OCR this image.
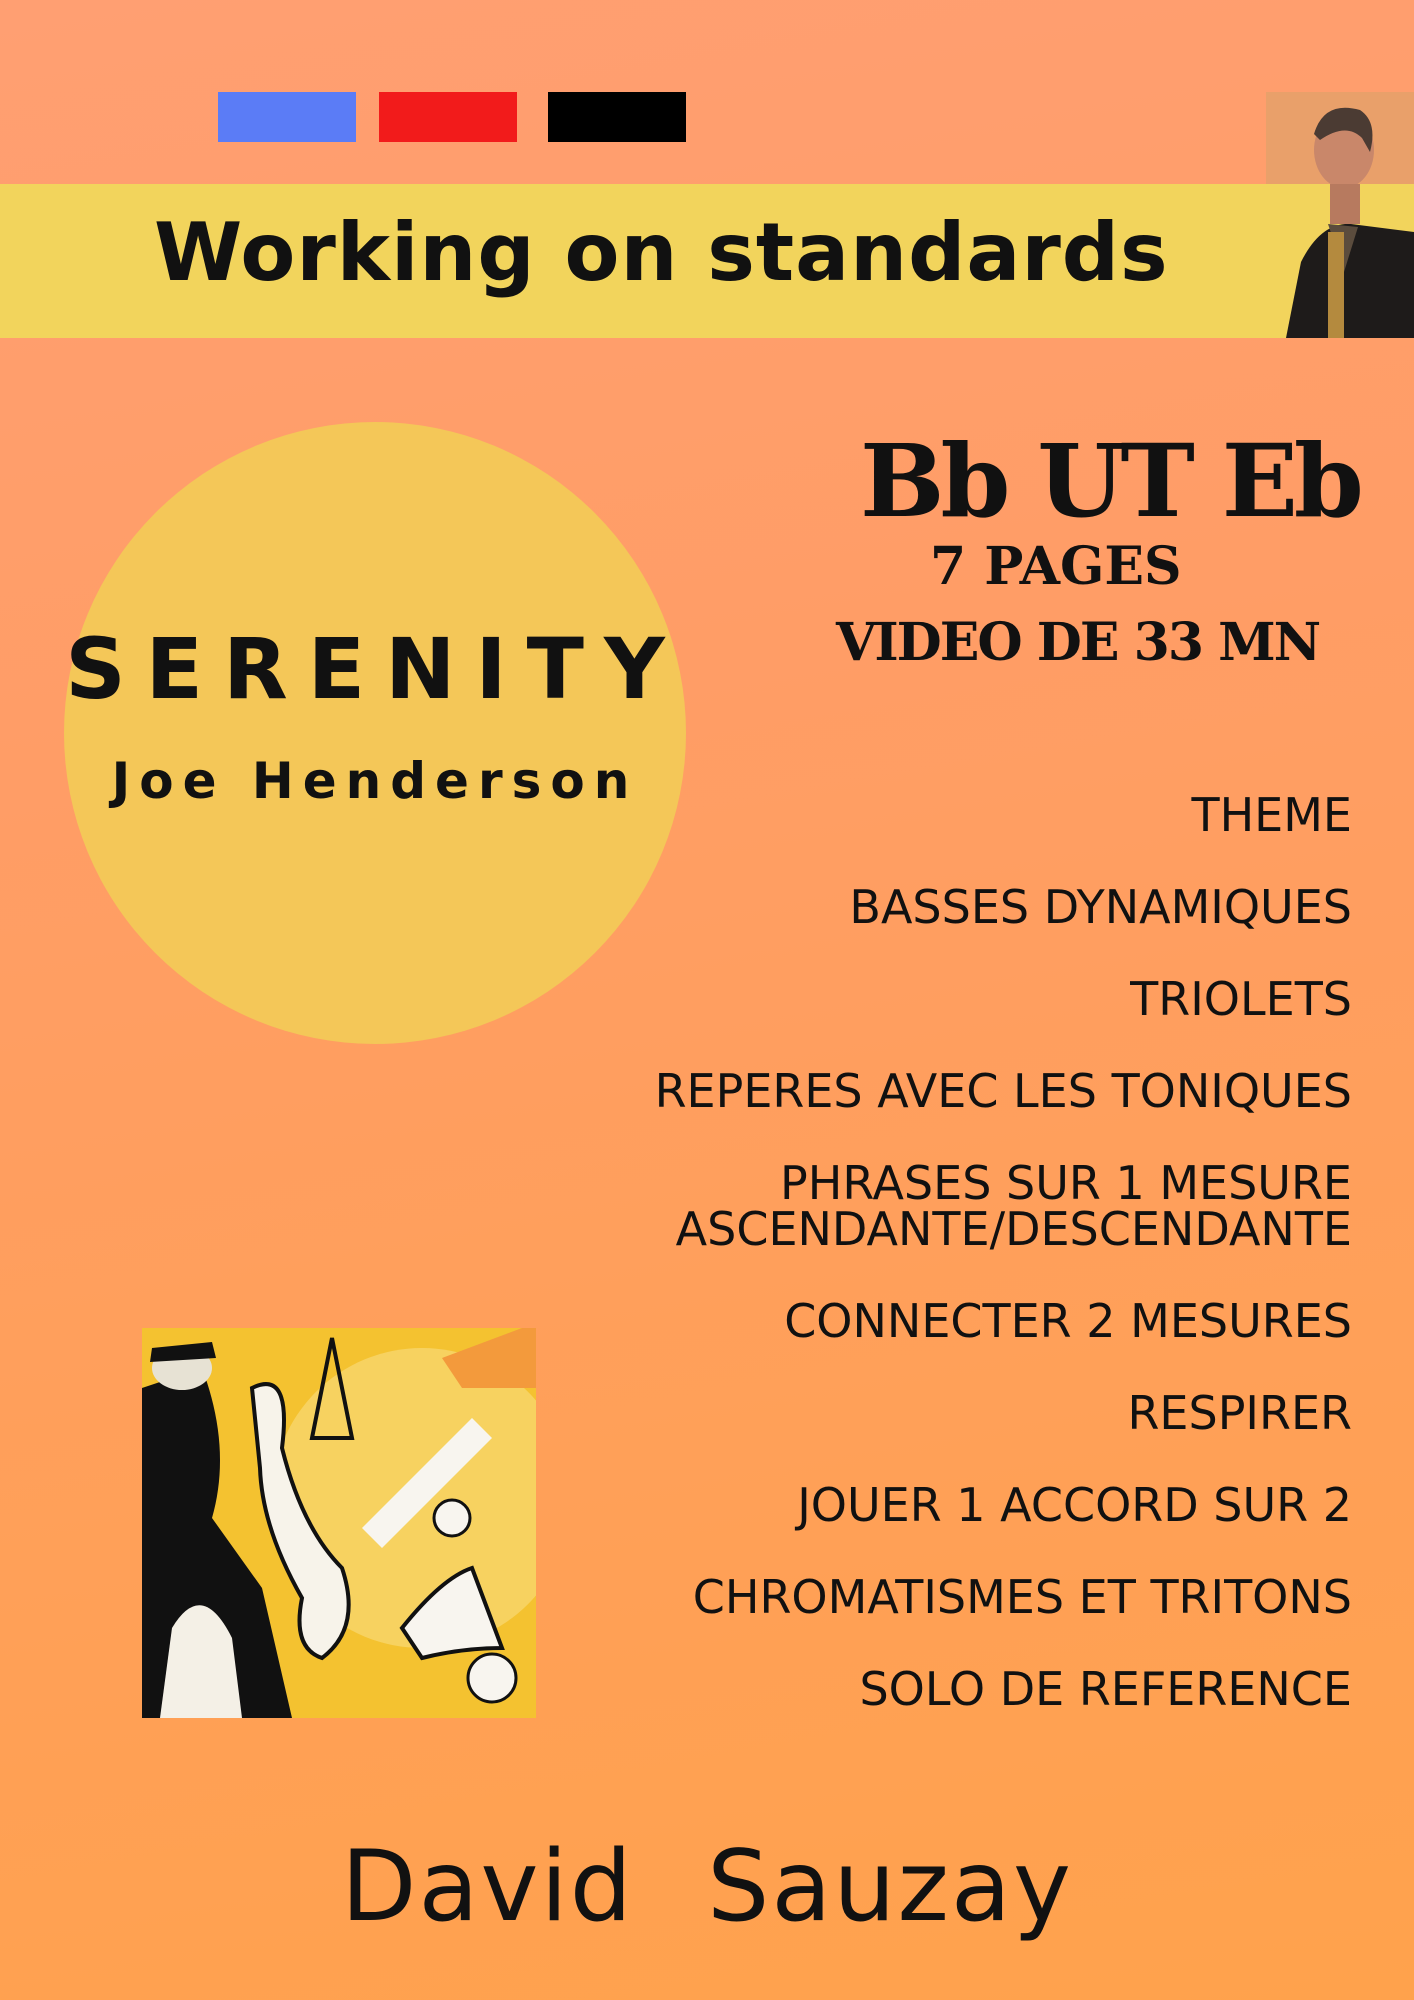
Working on standards
SERENITY
Joe Henderson
Bb UT Eb
7 PAGES
VIDEO DE 33 MN
THEME
BASSES DYNAMIQUES
TRIOLETS
REPERES AVEC LES TONIQUES
PHRASES SUR 1 MESURE
ASCENDANTE/DESCENDANTE
CONNECTER 2 MESURES
RESPIRER
JOUER 1 ACCORD SUR 2
CHROMATISMES ET TRITONS
SOLO DE REFERENCE
David Sauzay
